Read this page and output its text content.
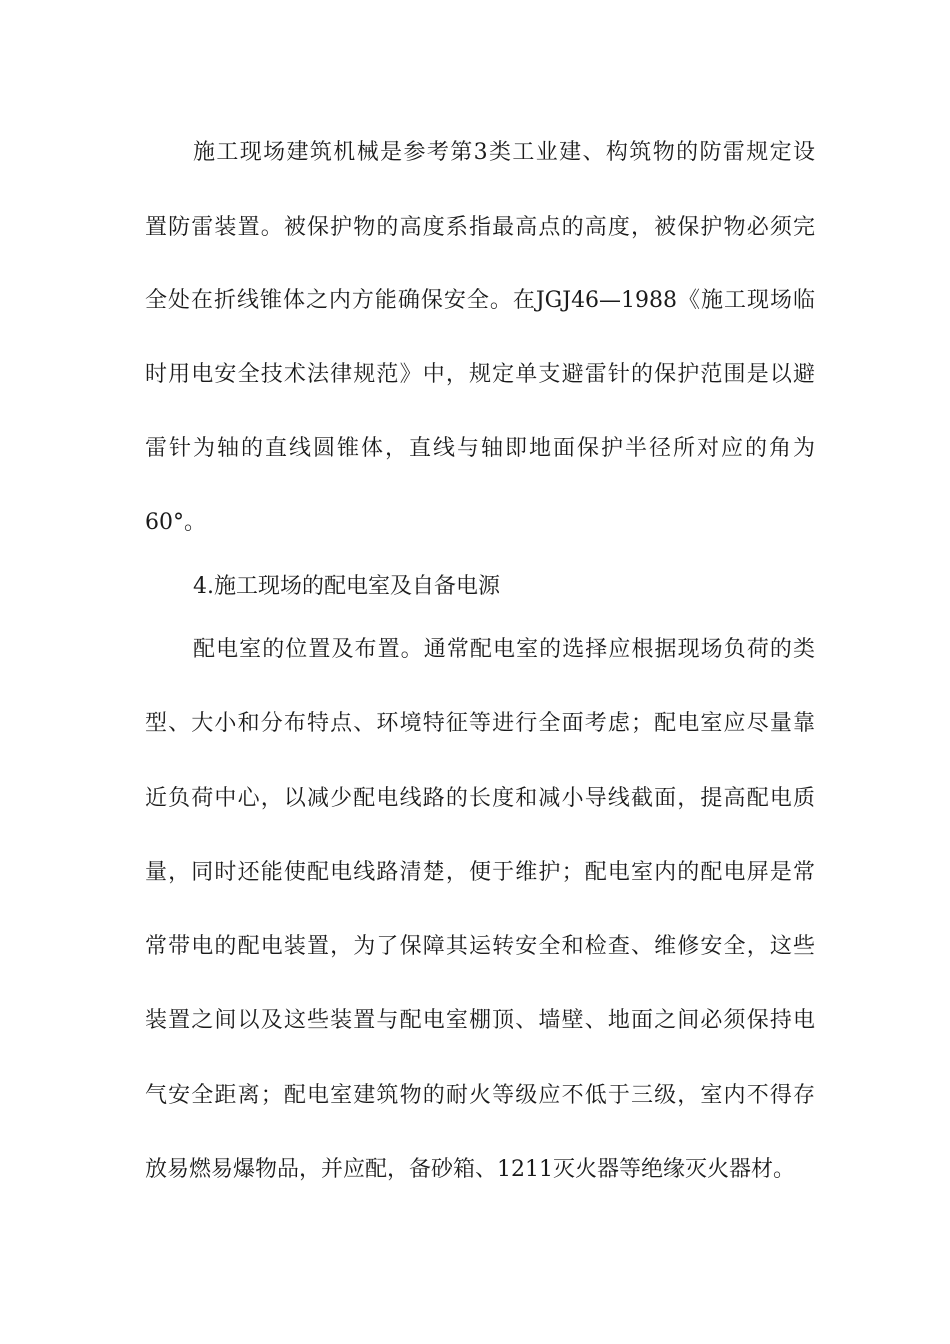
施工现场建筑机械是参考第3类工业建、构筑物的防雷规定设
置防雷装置。被保护物的高度系指最高点的高度，被保护物必须完
全处在折线锥体之内方能确保安全。在JGJ46—1988《施工现场临
时用电安全技术法律规范》中，规定单支避雷针的保护范围是以避
雷针为轴的直线圆锥体，直线与轴即地面保护半径所对应的角为
60°。
4.施工现场的配电室及自备电源
配电室的位置及布置。通常配电室的选择应根据现场负荷的类
型、大小和分布特点、环境特征等进行全面考虑；配电室应尽量靠
近负荷中心，以减少配电线路的长度和减小导线截面，提高配电质
量，同时还能使配电线路清楚，便于维护；配电室内的配电屏是常
常带电的配电装置，为了保障其运转安全和检查、维修安全，这些
装置之间以及这些装置与配电室棚顶、墙壁、地面之间必须保持电
气安全距离；配电室建筑物的耐火等级应不低于三级，室内不得存
放易燃易爆物品，并应配，备砂箱、1211灭火器等绝缘灭火器材。
